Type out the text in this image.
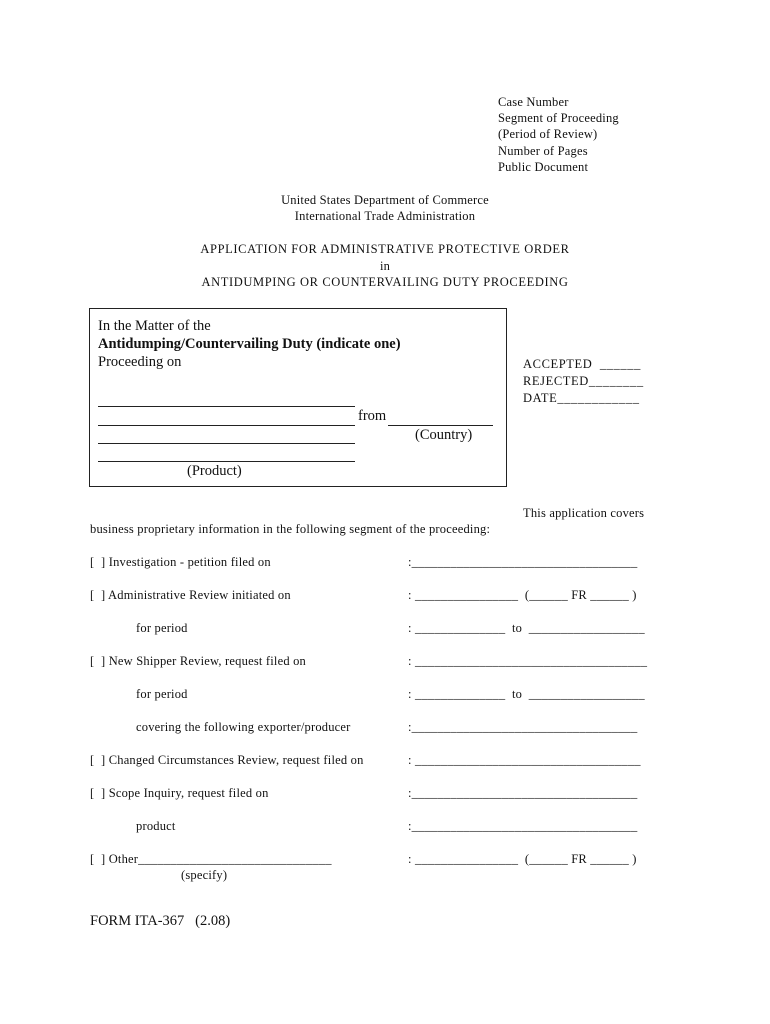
Case Number
Segment of Proceeding
(Period of Review)
Number of Pages
Public Document
United States Department of Commerce
International Trade Administration
APPLICATION FOR ADMINISTRATIVE PROTECTIVE ORDER
in
ANTIDUMPING OR COUNTERVAILING DUTY PROCEEDING
In the Matter of the
Antidumping/Countervailing Duty (indicate one)
Proceeding on
from
(Country)
(Product)
ACCEPTED  ______
REJECTED________
DATE____________
This application covers
business proprietary information in the following segment of the proceeding:
[  ] Investigation - petition filed on	:___________________________________
[  ] Administrative Review initiated on	: ________________  (______ FR ______ )
for period	: ______________  to  __________________
[  ] New Shipper Review, request filed on	: ____________________________________
for period	: ______________  to  __________________
covering the following exporter/producer	:___________________________________
[  ] Changed Circumstances Review, request filed on	: ___________________________________
[  ] Scope Inquiry, request filed on	:___________________________________
product	:___________________________________
[  ] Other______________________________	: ________________  (______ FR ______ )
(specify)
FORM ITA-367   (2.08)
